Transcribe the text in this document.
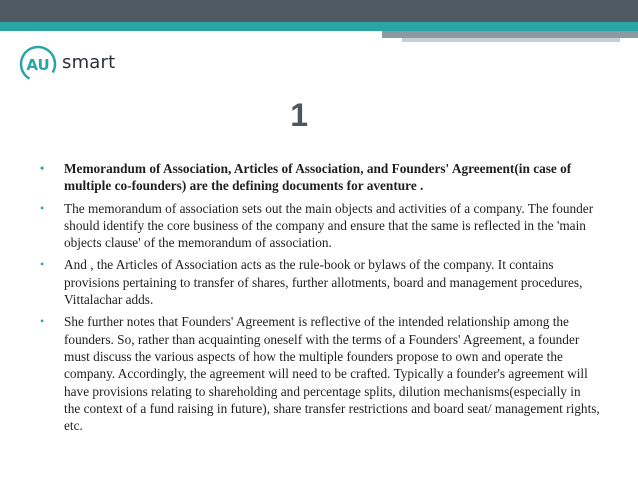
AU smart
1
• Memorandum of Association, Articles of Association, and Founders' Agreement(in case of multiple co-founders) are the defining documents for aventure .
• The memorandum of association sets out the main objects and activities of a company. The founder should identify the core business of the company and ensure that the same is reflected in the 'main objects clause' of the memorandum of association.
• And , the Articles of Association acts as the rule-book or bylaws of the company. It contains provisions pertaining to transfer of shares, further allotments, board and management procedures, Vittalachar adds.
• She further notes that Founders' Agreement is reflective of the intended relationship among the founders. So, rather than acquainting oneself with the terms of a Founders' Agreement, a founder must discuss the various aspects of how the multiple founders propose to own and operate the company. Accordingly, the agreement will need to be crafted. Typically a founder's agreement will have provisions relating to shareholding and percentage splits, dilution mechanisms(especially in the context of a fund raising in future), share transfer restrictions and board seat/ management rights, etc.
